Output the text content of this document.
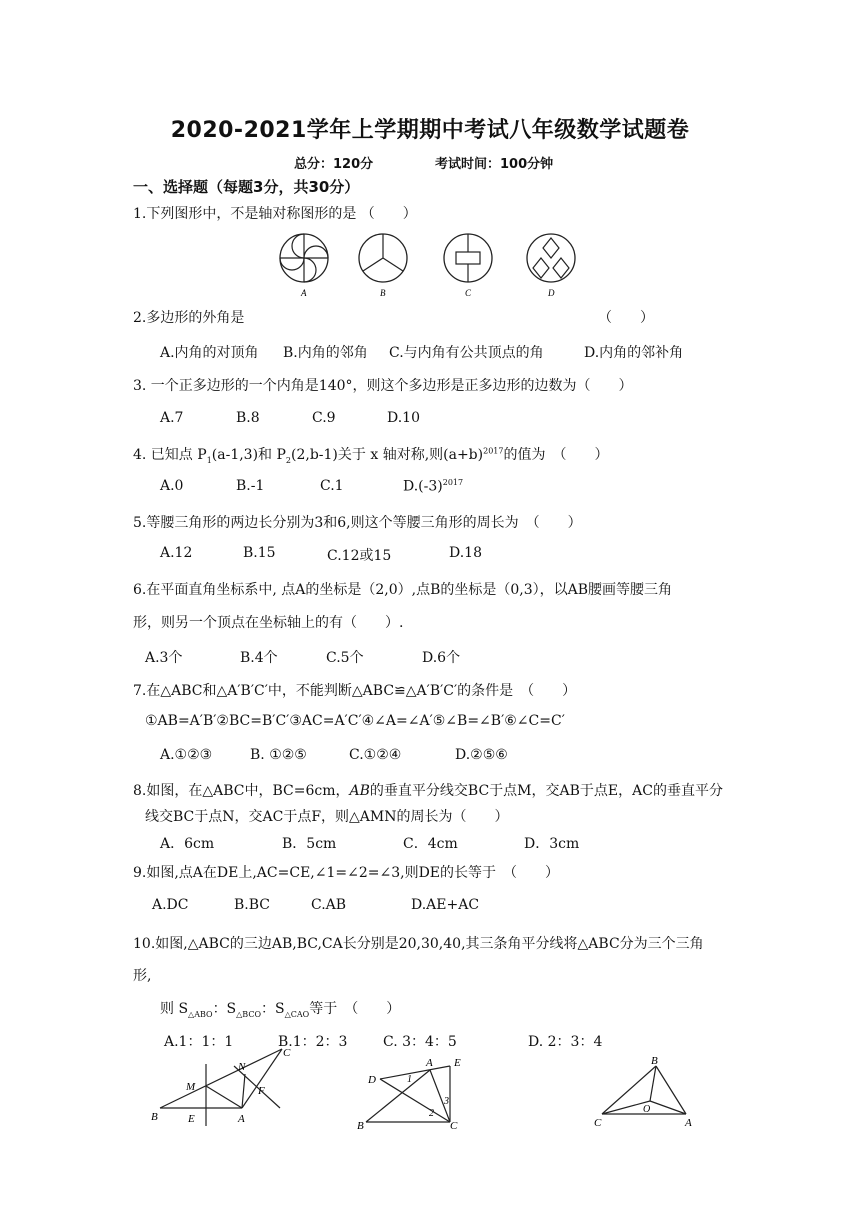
2020-2021学年上学期期中考试八年级数学试题卷
总分：120分	考试时间：100分钟
一、选择题（每题3分，共30分）
1.下列图形中，不是轴对称图形的是 （　　）
A	B	C	D
2.多边形的外角是	（　　）
A.内角的对顶角 B.内角的邻角 C.与内角有公共顶点的角	D.内角的邻补角
3. 一个正多边形的一个内角是140°，则这个多边形是正多边形的边数为（　　）
A.7	B.8	C.9	D.10
4. 已知点 $P_1(a-1,3)$和 $P_2(2,b-1)$关于 x 轴对称,则$(a+b)^{2017}$的值为　（　　）
A.0	B.-1	C.1	$D.(-3)^{2017}$
5.等腰三角形的两边长分别为3和6,则这个等腰三角形的周长为　（　　）
A.12	B.15	C.12或15	D.18
6.在平面直角坐标系中, 点A的坐标是（2,0）,点B的坐标是（0,3），以AB腰画等腰三角
形，则另一个顶点在坐标轴上的有（　　）.
A.3个	B.4个	C.5个	D.6个
7.在△ABC和△A′B′C′中，不能判断△ABC≌△A′B′C′的条件是　（　　）
①AB=A′B′②BC=B′C′③AC=A′C′④∠A=∠A′⑤∠B=∠B′⑥∠C=C′
A.①②③	B. ①②⑤	C.①②④	D.②⑤⑥
8.如图，在△ABC中，BC=6cm，AB的垂直平分线交BC于点M，交AB于点E，AC的垂直平分
线交BC于点N，交AC于点F，则△AMN的周长为（　　）
A．6cm	B．5cm	C．4cm	D．3cm
9.如图,点A在DE上,AC=CE,∠1=∠2=∠3,则DE的长等于　（　　）
A.DC	B.BC	C.AB	D.AE+AC
10.如图,△ABC的三边AB,BC,CA长分别是20,30,40,其三条角平分线将△ABC分为三个三角
形,
则 $S_{\triangle ABO}$：$S_{\triangle BCO}$：$S_{\triangle CAO}$等于　（　　）
A.1：1：1	B.1：2：3	C. 3：4：5	D. 2：3：4
C
N
M	F
B	E	A
A E
D	1
3
2
B	C
B
O
C	A
